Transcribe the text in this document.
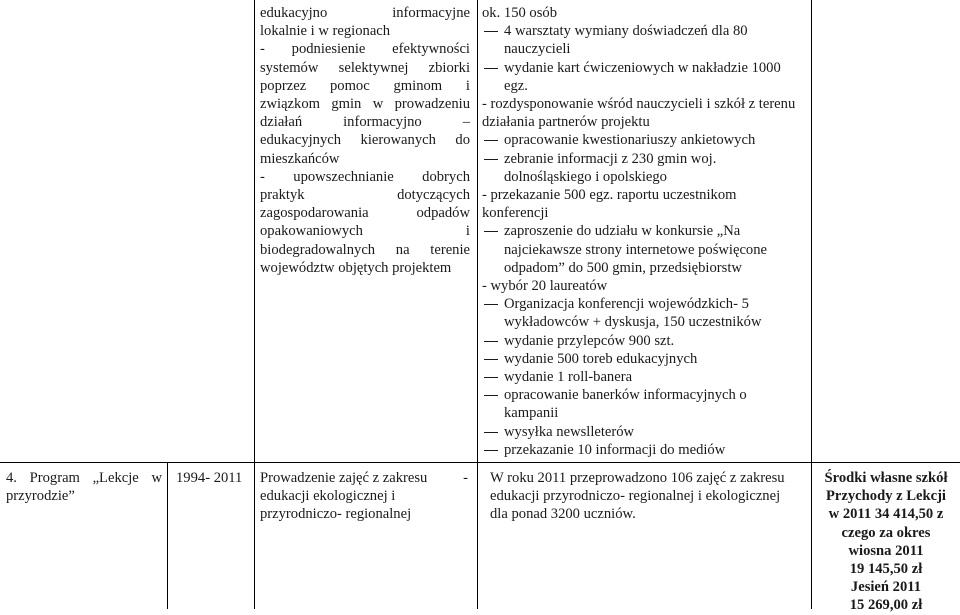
edukacyjno informacyjne

lokalnie i w regionach

- podniesienie efektywności

systemów selektywnej zbiorki

poprzez pomoc gminom i

związkom gmin w prowadzeniu

działań informacyjno –

edukacyjnych kierowanych do

mieszkańców

- upowszechnianie dobrych

praktyk dotyczących

zagospodarowania odpadów

opakowaniowych i

biodegradowalnych na terenie

województw objętych projektem

ok. 150 osób

4 warsztaty wymiany doświadczeń dla 80

nauczycieli

wydanie kart ćwiczeniowych w nakładzie 1000

egz.

- rozdysponowanie wśród nauczycieli i szkół z terenu

działania partnerów projektu

opracowanie kwestionariuszy ankietowych

zebranie informacji z 230 gmin woj.

dolnośląskiego i opolskiego

- przekazanie 500 egz. raportu uczestnikom

konferencji

zaproszenie do udziału w konkursie „Na

najciekawsze strony internetowe poświęcone

odpadom” do 500 gmin, przedsiębiorstw

- wybór 20 laureatów

Organizacja konferencji wojewódzkich- 5

wykładowców + dyskusja, 150 uczestników

wydanie przylepców 900 szt.

wydanie 500 toreb edukacyjnych

wydanie 1 roll-banera

opracowanie banerków informacyjnych o

kampanii

wysyłka newslleterów

przekazanie 10 informacji do mediów

4. Program „Lekcje w

przyrodzie”

1994- 2011	Prowadzenie zajęć z zakresu -

edukacji ekologicznej i

przyrodniczo- regionalnej

W roku 2011 przeprowadzono 106 zajęć z zakresu

edukacji przyrodniczo- regionalnej i ekologicznej

dla ponad 3200 uczniów.

Środki własne szkół

Przychody z Lekcji

w 2011 34 414,50 z

czego za okres

wiosna 2011

19 145,50 zł

Jesień 2011

15 269,00 zł
